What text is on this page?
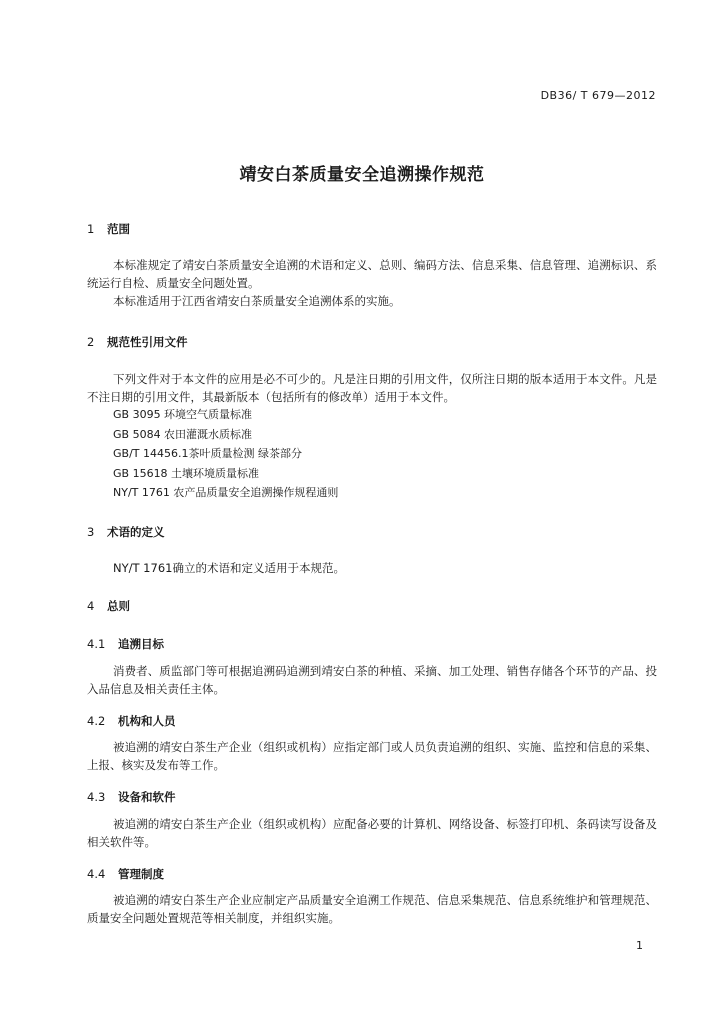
DB36/ T 679—2012
靖安白茶质量安全追溯操作规范
1 范围

本标准规定了靖安白茶质量安全追溯的术语和定义、总则、编码方法、信息采集、信息管理、追溯标识、系统运行自检、质量安全问题处置。

本标准适用于江西省靖安白茶质量安全追溯体系的实施。

2 规范性引用文件

下列文件对于本文件的应用是必不可少的。凡是注日期的引用文件，仅所注日期的版本适用于本文件。凡是不注日期的引用文件，其最新版本（包括所有的修改单）适用于本文件。

GB 3095 环境空气质量标准
GB 5084 农田灌溉水质标准
GB/T 14456.1茶叶质量检测 绿茶部分
GB 15618 土壤环境质量标准
NY/T 1761 农产品质量安全追溯操作规程通则
3 术语的定义

NY/T 1761确立的术语和定义适用于本规范。

4 总则
4.1 追溯目标

消费者、质监部门等可根据追溯码追溯到靖安白茶的种植、采摘、加工处理、销售存储各个环节的产品、投入品信息及相关责任主体。

4.2 机构和人员

被追溯的靖安白茶生产企业（组织或机构）应指定部门或人员负责追溯的组织、实施、监控和信息的采集、上报、核实及发布等工作。

4.3 设备和软件

被追溯的靖安白茶生产企业（组织或机构）应配备必要的计算机、网络设备、标签打印机、条码读写设备及相关软件等。

4.4 管理制度

被追溯的靖安白茶生产企业应制定产品质量安全追溯工作规范、信息采集规范、信息系统维护和管理规范、质量安全问题处置规范等相关制度，并组织实施。

1
